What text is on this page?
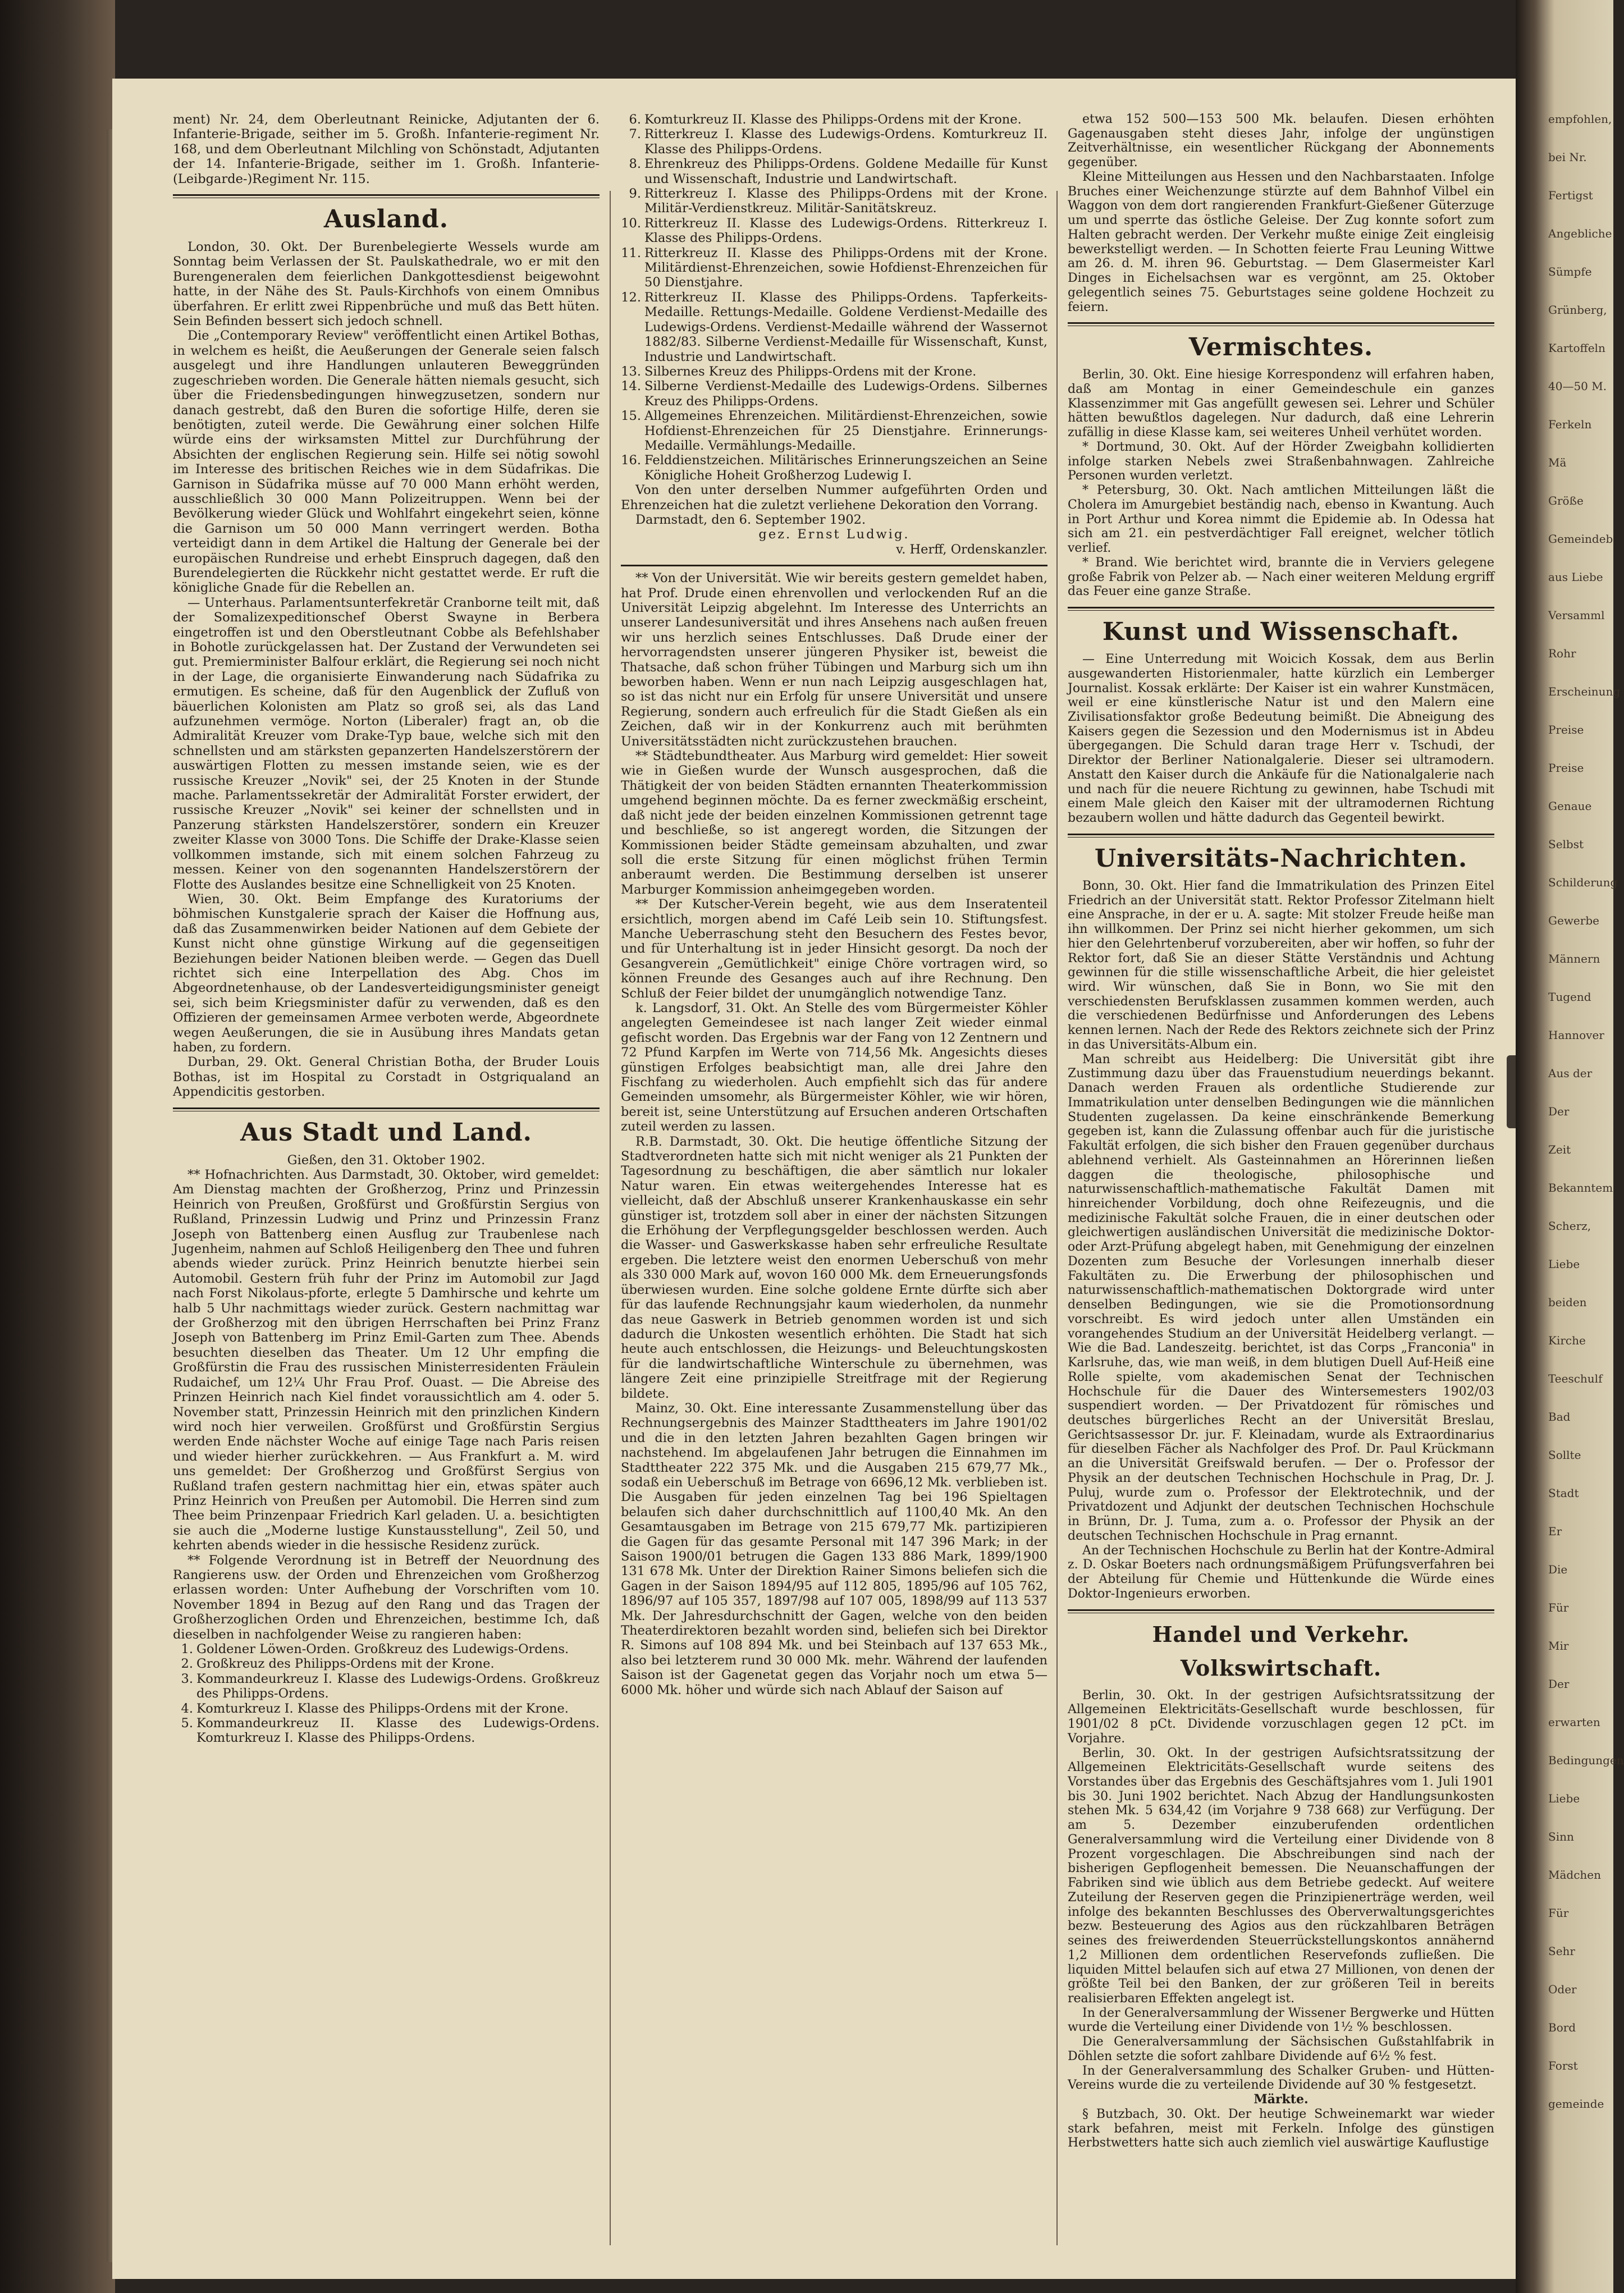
ment) Nr. 24, dem Oberleutnant Reinicke, Adjutanten der 6. Infanterie-Brigade, seither im 5. Großh. Infanterie-regiment Nr. 168, und dem Oberleutnant Milchling von Schönstadt, Adjutanten der 14. Infanterie-Brigade, seither im 1. Großh. Infanterie-(Leibgarde-)Regiment Nr. 115.

Ausland.

London, 30. Okt. Der Burenbelegierte Wessels wurde am Sonntag beim Verlassen der St. Paulskathedrale, wo er mit den Burengeneralen dem feierlichen Dankgottesdienst beigewohnt hatte, in der Nähe des St. Pauls-Kirchhofs von einem Omnibus überfahren. Er erlitt zwei Rippenbrüche und muß das Bett hüten. Sein Befinden bessert sich jedoch schnell.

Die „Contemporary Review" veröffentlicht einen Artikel Bothas, in welchem es heißt, die Aeußerungen der Generale seien falsch ausgelegt und ihre Handlungen unlauteren Beweggründen zugeschrieben worden. Die Generale hätten niemals gesucht, sich über die Friedensbedingungen hinwegzusetzen, sondern nur danach gestrebt, daß den Buren die sofortige Hilfe, deren sie benötigten, zuteil werde. Die Gewährung einer solchen Hilfe würde eins der wirksamsten Mittel zur Durchführung der Absichten der englischen Regierung sein. Hilfe sei nötig sowohl im Interesse des britischen Reiches wie in dem Südafrikas. Die Garnison in Südafrika müsse auf 70 000 Mann erhöht werden, ausschließlich 30 000 Mann Polizeitruppen. Wenn bei der Bevölkerung wieder Glück und Wohlfahrt eingekehrt seien, könne die Garnison um 50 000 Mann verringert werden. Botha verteidigt dann in dem Artikel die Haltung der Generale bei der europäischen Rundreise und erhebt Einspruch dagegen, daß den Burendelegierten die Rückkehr nicht gestattet werde. Er ruft die königliche Gnade für die Rebellen an.

— Unterhaus. Parlamentsunterfekretär Cranborne teilt mit, daß der Somalizexpeditionschef Oberst Swayne in Berbera eingetroffen ist und den Oberstleutnant Cobbe als Befehlshaber in Bohotle zurückgelassen hat. Der Zustand der Verwundeten sei gut. Premierminister Balfour erklärt, die Regierung sei noch nicht in der Lage, die organisierte Einwanderung nach Südafrika zu ermutigen. Es scheine, daß für den Augenblick der Zufluß von bäuerlichen Kolonisten am Platz so groß sei, als das Land aufzunehmen vermöge. Norton (Liberaler) fragt an, ob die Admiralität Kreuzer vom Drake-Typ baue, welche sich mit den schnellsten und am stärksten gepanzerten Handelszerstörern der auswärtigen Flotten zu messen imstande seien, wie es der russische Kreuzer „Novik" sei, der 25 Knoten in der Stunde mache. Parlamentssekretär der Admiralität Forster erwidert, der russische Kreuzer „Novik" sei keiner der schnellsten und in Panzerung stärksten Handelszerstörer, sondern ein Kreuzer zweiter Klasse von 3000 Tons. Die Schiffe der Drake-Klasse seien vollkommen imstande, sich mit einem solchen Fahrzeug zu messen. Keiner von den sogenannten Handelszerstörern der Flotte des Auslandes besitze eine Schnelligkeit von 25 Knoten.

Wien, 30. Okt. Beim Empfange des Kuratoriums der böhmischen Kunstgalerie sprach der Kaiser die Hoffnung aus, daß das Zusammenwirken beider Nationen auf dem Gebiete der Kunst nicht ohne günstige Wirkung auf die gegenseitigen Beziehungen beider Nationen bleiben werde. — Gegen das Duell richtet sich eine Interpellation des Abg. Chos im Abgeordnetenhause, ob der Landesverteidigungsminister geneigt sei, sich beim Kriegsminister dafür zu verwenden, daß es den Offizieren der gemeinsamen Armee verboten werde, Abgeordnete wegen Aeußerungen, die sie in Ausübung ihres Mandats getan haben, zu fordern.

Durban, 29. Okt. General Christian Botha, der Bruder Louis Bothas, ist im Hospital zu Corstadt in Ostgriqualand an Appendicitis gestorben.

Aus Stadt und Land.

Gießen, den 31. Oktober 1902.

** Hofnachrichten. Aus Darmstadt, 30. Oktober, wird gemeldet: Am Dienstag machten der Großherzog, Prinz und Prinzessin Heinrich von Preußen, Großfürst und Großfürstin Sergius von Rußland, Prinzessin Ludwig und Prinz und Prinzessin Franz Joseph von Battenberg einen Ausflug zur Traubenlese nach Jugenheim, nahmen auf Schloß Heiligenberg den Thee und fuhren abends wieder zurück. Prinz Heinrich benutzte hierbei sein Automobil. Gestern früh fuhr der Prinz im Automobil zur Jagd nach Forst Nikolaus-pforte, erlegte 5 Damhirsche und kehrte um halb 5 Uhr nachmittags wieder zurück. Gestern nachmittag war der Großherzog mit den übrigen Herrschaften bei Prinz Franz Joseph von Battenberg im Prinz Emil-Garten zum Thee. Abends besuchten dieselben das Theater. Um 12 Uhr empfing die Großfürstin die Frau des russischen Ministerresidenten Fräulein Rudaichef, um 12¼ Uhr Frau Prof. Ouast. — Die Abreise des Prinzen Heinrich nach Kiel findet voraussichtlich am 4. oder 5. November statt, Prinzessin Heinrich mit den prinzlichen Kindern wird noch hier verweilen. Großfürst und Großfürstin Sergius werden Ende nächster Woche auf einige Tage nach Paris reisen und wieder hierher zurückkehren. — Aus Frankfurt a. M. wird uns gemeldet: Der Großherzog und Großfürst Sergius von Rußland trafen gestern nachmittag hier ein, etwas später auch Prinz Heinrich von Preußen per Automobil. Die Herren sind zum Thee beim Prinzenpaar Friedrich Karl geladen. U. a. besichtigten sie auch die „Moderne lustige Kunstausstellung", Zeil 50, und kehrten abends wieder in die hessische Residenz zurück.

** Folgende Verordnung ist in Betreff der Neuordnung des Rangierens usw. der Orden und Ehrenzeichen vom Großherzog erlassen worden: Unter Aufhebung der Vorschriften vom 10. November 1894 in Bezug auf den Rang und das Tragen der Großherzoglichen Orden und Ehrenzeichen, bestimme Ich, daß dieselben in nachfolgender Weise zu rangieren haben:

1. Goldener Löwen-Orden. Großkreuz des Ludewigs-Ordens.

2. Großkreuz des Philipps-Ordens mit der Krone.

3. Kommandeurkreuz I. Klasse des Ludewigs-Ordens. Großkreuz des Philipps-Ordens.

4. Komturkreuz I. Klasse des Philipps-Ordens mit der Krone.

5. Kommandeurkreuz II. Klasse des Ludewigs-Ordens. Komturkreuz I. Klasse des Philipps-Ordens.

6. Komturkreuz II. Klasse des Philipps-Ordens mit der Krone.

7. Ritterkreuz I. Klasse des Ludewigs-Ordens. Komturkreuz II. Klasse des Philipps-Ordens.

8. Ehrenkreuz des Philipps-Ordens. Goldene Medaille für Kunst und Wissenschaft, Industrie und Landwirtschaft.

9. Ritterkreuz I. Klasse des Philipps-Ordens mit der Krone. Militär-Verdienstkreuz. Militär-Sanitätskreuz.

10. Ritterkreuz II. Klasse des Ludewigs-Ordens. Ritterkreuz I. Klasse des Philipps-Ordens.

11. Ritterkreuz II. Klasse des Philipps-Ordens mit der Krone. Militärdienst-Ehrenzeichen, sowie Hofdienst-Ehrenzeichen für 50 Dienstjahre.

12. Ritterkreuz II. Klasse des Philipps-Ordens. Tapferkeits-Medaille. Rettungs-Medaille. Goldene Verdienst-Medaille des Ludewigs-Ordens. Verdienst-Medaille während der Wassernot 1882/83. Silberne Verdienst-Medaille für Wissenschaft, Kunst, Industrie und Landwirtschaft.

13. Silbernes Kreuz des Philipps-Ordens mit der Krone.

14. Silberne Verdienst-Medaille des Ludewigs-Ordens. Silbernes Kreuz des Philipps-Ordens.

15. Allgemeines Ehrenzeichen. Militärdienst-Ehrenzeichen, sowie Hofdienst-Ehrenzeichen für 25 Dienstjahre. Erinnerungs-Medaille. Vermählungs-Medaille.

16. Felddienstzeichen. Militärisches Erinnerungszeichen an Seine Königliche Hoheit Großherzog Ludewig I.

Von den unter derselben Nummer aufgeführten Orden und Ehrenzeichen hat die zuletzt verliehene Dekoration den Vorrang.

Darmstadt, den 6. September 1902.

gez. Ernst Ludwig.

v. Herff, Ordenskanzler.

** Von der Universität. Wie wir bereits gestern gemeldet haben, hat Prof. Drude einen ehrenvollen und verlockenden Ruf an die Universität Leipzig abgelehnt. Im Interesse des Unterrichts an unserer Landesuniversität und ihres Ansehens nach außen freuen wir uns herzlich seines Entschlusses. Daß Drude einer der hervorragendsten unserer jüngeren Physiker ist, beweist die Thatsache, daß schon früher Tübingen und Marburg sich um ihn beworben haben. Wenn er nun nach Leipzig ausgeschlagen hat, so ist das nicht nur ein Erfolg für unsere Universität und unsere Regierung, sondern auch erfreulich für die Stadt Gießen als ein Zeichen, daß wir in der Konkurrenz auch mit berühmten Universitätsstädten nicht zurückzustehen brauchen.

** Städtebundtheater. Aus Marburg wird gemeldet: Hier soweit wie in Gießen wurde der Wunsch ausgesprochen, daß die Thätigkeit der von beiden Städten ernannten Theaterkommission umgehend beginnen möchte. Da es ferner zweckmäßig erscheint, daß nicht jede der beiden einzelnen Kommissionen getrennt tage und beschließe, so ist angeregt worden, die Sitzungen der Kommissionen beider Städte gemeinsam abzuhalten, und zwar soll die erste Sitzung für einen möglichst frühen Termin anberaumt werden. Die Bestimmung derselben ist unserer Marburger Kommission anheimgegeben worden.

** Der Kutscher-Verein begeht, wie aus dem Inseratenteil ersichtlich, morgen abend im Café Leib sein 10. Stiftungsfest. Manche Ueberraschung steht den Besuchern des Festes bevor, und für Unterhaltung ist in jeder Hinsicht gesorgt. Da noch der Gesangverein „Gemütlichkeit" einige Chöre vortragen wird, so können Freunde des Gesanges auch auf ihre Rechnung. Den Schluß der Feier bildet der unumgänglich notwendige Tanz.

k. Langsdorf, 31. Okt. An Stelle des vom Bürgermeister Köhler angelegten Gemeindesee ist nach langer Zeit wieder einmal gefischt worden. Das Ergebnis war der Fang von 12 Zentnern und 72 Pfund Karpfen im Werte von 714,56 Mk. Angesichts dieses günstigen Erfolges beabsichtigt man, alle drei Jahre den Fischfang zu wiederholen. Auch empfiehlt sich das für andere Gemeinden umsomehr, als Bürgermeister Köhler, wie wir hören, bereit ist, seine Unterstützung auf Ersuchen anderen Ortschaften zuteil werden zu lassen.

R.B. Darmstadt, 30. Okt. Die heutige öffentliche Sitzung der Stadtverordneten hatte sich mit nicht weniger als 21 Punkten der Tagesordnung zu beschäftigen, die aber sämtlich nur lokaler Natur waren. Ein etwas weitergehendes Interesse hat es vielleicht, daß der Abschluß unserer Krankenhauskasse ein sehr günstiger ist, trotzdem soll aber in einer der nächsten Sitzungen die Erhöhung der Verpflegungsgelder beschlossen werden. Auch die Wasser- und Gaswerkskasse haben sehr erfreuliche Resultate ergeben. Die letztere weist den enormen Ueberschuß von mehr als 330 000 Mark auf, wovon 160 000 Mk. dem Erneuerungsfonds überwiesen wurden. Eine solche goldene Ernte dürfte sich aber für das laufende Rechnungsjahr kaum wiederholen, da nunmehr das neue Gaswerk in Betrieb genommen worden ist und sich dadurch die Unkosten wesentlich erhöhten. Die Stadt hat sich heute auch entschlossen, die Heizungs- und Beleuchtungskosten für die landwirtschaftliche Winterschule zu übernehmen, was längere Zeit eine prinzipielle Streitfrage mit der Regierung bildete.

Mainz, 30. Okt. Eine interessante Zusammenstellung über das Rechnungsergebnis des Mainzer Stadttheaters im Jahre 1901/02 und die in den letzten Jahren bezahlten Gagen bringen wir nachstehend. Im abgelaufenen Jahr betrugen die Einnahmen im Stadttheater 222 375 Mk. und die Ausgaben 215 679,77 Mk., sodaß ein Ueberschuß im Betrage von 6696,12 Mk. verblieben ist. Die Ausgaben für jeden einzelnen Tag bei 196 Spieltagen belaufen sich daher durchschnittlich auf 1100,40 Mk. An den Gesamtausgaben im Betrage von 215 679,77 Mk. partizipieren die Gagen für das gesamte Personal mit 147 396 Mark; in der Saison 1900/01 betrugen die Gagen 133 886 Mark, 1899/1900 131 678 Mk. Unter der Direktion Rainer Simons beliefen sich die Gagen in der Saison 1894/95 auf 112 805, 1895/96 auf 105 762, 1896/97 auf 105 357, 1897/98 auf 107 005, 1898/99 auf 113 537 Mk. Der Jahresdurchschnitt der Gagen, welche von den beiden Theaterdirektoren bezahlt worden sind, beliefen sich bei Direktor R. Simons auf 108 894 Mk. und bei Steinbach auf 137 653 Mk., also bei letzterem rund 30 000 Mk. mehr. Während der laufenden Saison ist der Gagenetat gegen das Vorjahr noch um etwa 5—6000 Mk. höher und würde sich nach Ablauf der Saison auf

etwa 152 500—153 500 Mk. belaufen. Diesen erhöhten Gagenausgaben steht dieses Jahr, infolge der ungünstigen Zeitverhältnisse, ein wesentlicher Rückgang der Abonnements gegenüber.

Kleine Mitteilungen aus Hessen und den Nachbarstaaten. Infolge Bruches einer Weichenzunge stürzte auf dem Bahnhof Vilbel ein Waggon von dem dort rangierenden Frankfurt-Gießener Güterzuge um und sperrte das östliche Geleise. Der Zug konnte sofort zum Halten gebracht werden. Der Verkehr mußte einige Zeit eingleisig bewerkstelligt werden. — In Schotten feierte Frau Leuning Wittwe am 26. d. M. ihren 96. Geburtstag. — Dem Glasermeister Karl Dinges in Eichelsachsen war es vergönnt, am 25. Oktober gelegentlich seines 75. Geburtstages seine goldene Hochzeit zu feiern.

Vermischtes.

Berlin, 30. Okt. Eine hiesige Korrespondenz will erfahren haben, daß am Montag in einer Gemeindeschule ein ganzes Klassenzimmer mit Gas angefüllt gewesen sei. Lehrer und Schüler hätten bewußtlos dagelegen. Nur dadurch, daß eine Lehrerin zufällig in diese Klasse kam, sei weiteres Unheil verhütet worden.

* Dortmund, 30. Okt. Auf der Hörder Zweigbahn kollidierten infolge starken Nebels zwei Straßenbahnwagen. Zahlreiche Personen wurden verletzt.

* Petersburg, 30. Okt. Nach amtlichen Mitteilungen läßt die Cholera im Amurgebiet beständig nach, ebenso in Kwantung. Auch in Port Arthur und Korea nimmt die Epidemie ab. In Odessa hat sich am 21. ein pestverdächtiger Fall ereignet, welcher tötlich verlief.

* Brand. Wie berichtet wird, brannte die in Verviers gelegene große Fabrik von Pelzer ab. — Nach einer weiteren Meldung ergriff das Feuer eine ganze Straße.

Kunst und Wissenschaft.

— Eine Unterredung mit Woicich Kossak, dem aus Berlin ausgewanderten Historienmaler, hatte kürzlich ein Lemberger Journalist. Kossak erklärte: Der Kaiser ist ein wahrer Kunstmäcen, weil er eine künstlerische Natur ist und den Malern eine Zivilisationsfaktor große Bedeutung beimißt. Die Abneigung des Kaisers gegen die Sezession und den Modernismus ist in Abdeu übergegangen. Die Schuld daran trage Herr v. Tschudi, der Direktor der Berliner Nationalgalerie. Dieser sei ultramodern. Anstatt den Kaiser durch die Ankäufe für die Nationalgalerie nach und nach für die neuere Richtung zu gewinnen, habe Tschudi mit einem Male gleich den Kaiser mit der ultramodernen Richtung bezaubern wollen und hätte dadurch das Gegenteil bewirkt.

Universitäts-Nachrichten.

Bonn, 30. Okt. Hier fand die Immatrikulation des Prinzen Eitel Friedrich an der Universität statt. Rektor Professor Zitelmann hielt eine Ansprache, in der er u. A. sagte: Mit stolzer Freude heiße man ihn willkommen. Der Prinz sei nicht hierher gekommen, um sich hier den Gelehrtenberuf vorzubereiten, aber wir hoffen, so fuhr der Rektor fort, daß Sie an dieser Stätte Verständnis und Achtung gewinnen für die stille wissenschaftliche Arbeit, die hier geleistet wird. Wir wünschen, daß Sie in Bonn, wo Sie mit den verschiedensten Berufsklassen zusammen kommen werden, auch die verschiedenen Bedürfnisse und Anforderungen des Lebens kennen lernen. Nach der Rede des Rektors zeichnete sich der Prinz in das Universitäts-Album ein.

Man schreibt aus Heidelberg: Die Universität gibt ihre Zustimmung dazu über das Frauenstudium neuerdings bekannt. Danach werden Frauen als ordentliche Studierende zur Immatrikulation unter denselben Bedingungen wie die männlichen Studenten zugelassen. Da keine einschränkende Bemerkung gegeben ist, kann die Zulassung offenbar auch für die juristische Fakultät erfolgen, die sich bisher den Frauen gegenüber durchaus ablehnend verhielt. Als Gasteinnahmen an Hörerinnen ließen daggen die theologische, philosophische und naturwissenschaftlich-mathematische Fakultät Damen mit hinreichender Vorbildung, doch ohne Reifezeugnis, und die medizinische Fakultät solche Frauen, die in einer deutschen oder gleichwertigen ausländischen Universität die medizinische Doktor- oder Arzt-Prüfung abgelegt haben, mit Genehmigung der einzelnen Dozenten zum Besuche der Vorlesungen innerhalb dieser Fakultäten zu. Die Erwerbung der philosophischen und naturwissenschaftlich-mathematischen Doktorgrade wird unter denselben Bedingungen, wie sie die Promotionsordnung vorschreibt. Es wird jedoch unter allen Umständen ein vorangehendes Studium an der Universität Heidelberg verlangt. — Wie die Bad. Landeszeitg. berichtet, ist das Corps „Franconia" in Karlsruhe, das, wie man weiß, in dem blutigen Duell Auf-Heiß eine Rolle spielte, vom akademischen Senat der Technischen Hochschule für die Dauer des Wintersemesters 1902/03 suspendiert worden. — Der Privatdozent für römisches und deutsches bürgerliches Recht an der Universität Breslau, Gerichtsassessor Dr. jur. F. Kleinadam, wurde als Extraordinarius für dieselben Fächer als Nachfolger des Prof. Dr. Paul Krückmann an die Universität Greifswald berufen. — Der o. Professor der Physik an der deutschen Technischen Hochschule in Prag, Dr. J. Puluj, wurde zum o. Professor der Elektrotechnik, und der Privatdozent und Adjunkt der deutschen Technischen Hochschule in Brünn, Dr. J. Tuma, zum a. o. Professor der Physik an der deutschen Technischen Hochschule in Prag ernannt.

An der Technischen Hochschule zu Berlin hat der Kontre-Admiral z. D. Oskar Boeters nach ordnungsmäßigem Prüfungsverfahren bei der Abteilung für Chemie und Hüttenkunde die Würde eines Doktor-Ingenieurs erworben.

Handel und Verkehr. Volkswirtschaft.

Berlin, 30. Okt. In der gestrigen Aufsichtsratssitzung der Allgemeinen Elektricitäts-Gesellschaft wurde beschlossen, für 1901/02 8 pCt. Dividende vorzuschlagen gegen 12 pCt. im Vorjahre.

Berlin, 30. Okt. In der gestrigen Aufsichtsratssitzung der Allgemeinen Elektricitäts-Gesellschaft wurde seitens des Vorstandes über das Ergebnis des Geschäftsjahres vom 1. Juli 1901 bis 30. Juni 1902 berichtet. Nach Abzug der Handlungsunkosten stehen Mk. 5 634,42 (im Vorjahre 9 738 668) zur Verfügung. Der am 5. Dezember einzuberufenden ordentlichen Generalversammlung wird die Verteilung einer Dividende von 8 Prozent vorgeschlagen. Die Abschreibungen sind nach der bisherigen Gepflogenheit bemessen. Die Neuanschaffungen der Fabriken sind wie üblich aus dem Betriebe gedeckt. Auf weitere Zuteilung der Reserven gegen die Prinzipienerträge werden, weil infolge des bekannten Beschlusses des Oberverwaltungsgerichtes bezw. Besteuerung des Agios aus den rückzahlbaren Beträgen seines des freiwerdenden Steuerrückstellungskontos annähernd 1,2 Millionen dem ordentlichen Reservefonds zufließen. Die liquiden Mittel belaufen sich auf etwa 27 Millionen, von denen der größte Teil bei den Banken, der zur größeren Teil in bereits realisierbaren Effekten angelegt ist.

In der Generalversammlung der Wissener Bergwerke und Hütten wurde die Verteilung einer Dividende von 1½ % beschlossen.

Die Generalversammlung der Sächsischen Gußstahlfabrik in Döhlen setzte die sofort zahlbare Dividende auf 6½ % fest.

In der Generalversammlung des Schalker Gruben- und Hütten-Vereins wurde die zu verteilende Dividende auf 30 % festgesetzt.

Märkte.

§ Butzbach, 30. Okt. Der heutige Schweinemarkt war wieder stark befahren, meist mit Ferkeln. Infolge des günstigen Herbstwetters hatte sich auch ziemlich viel auswärtige Kauflustige

empfohlen,
bei Nr.
Fertigst
Angebliche
Sümpfe
Grünberg,
Kartoffeln
40—50 M.
Ferkeln
Mä
Größe
Gemeindeb
aus Liebe
Versamml
Rohr
Erscheinung
Preise
Preise
Genaue
Selbst
Schilderung
Gewerbe
Männern
Tugend
Hannover
Aus der
Der
Zeit
Bekanntem
Scherz,
Liebe
beiden
Kirche
Teeschulf
Bad
Sollte
Stadt
Er
Die
Für
Mir
Der
erwarten
Bedingungen
Liebe
Sinn
Mädchen
Für
Sehr
Oder
Bord
Forst
gemeinde
